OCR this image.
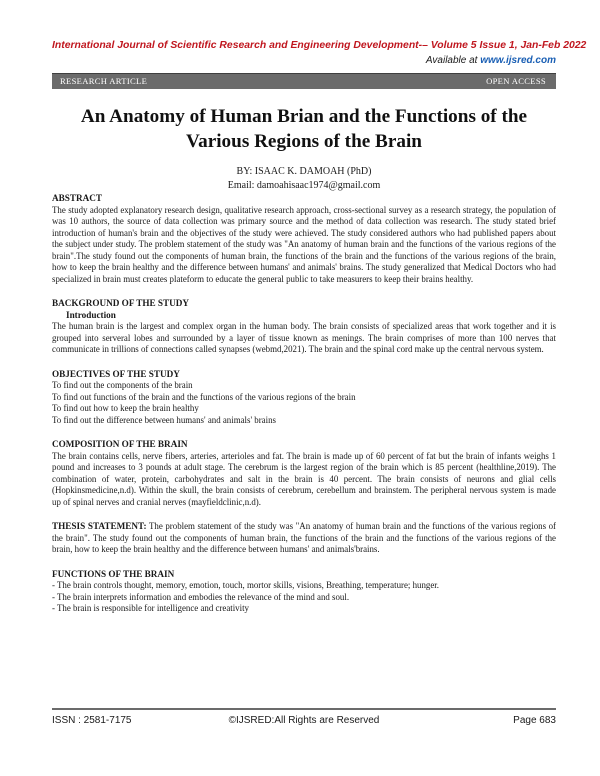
International Journal of Scientific Research and Engineering Development-– Volume 5 Issue 1, Jan-Feb 2022
Available at www.ijsred.com
RESEARCH ARTICLE	OPEN ACCESS
An Anatomy of Human Brian and the Functions of the Various Regions of the Brain
BY: ISAAC K. DAMOAH (PhD)
Email: damoahisaac1974@gmail.com
ABSTRACT

The study adopted explanatory research design, qualitative research approach, cross-sectional survey as a research strategy, the population of was 10 authors, the source of data collection was primary source and the method of data collection was research. The study stated brief introduction of human's brain and the objectives of the study were achieved. The study considered authors who had published papers about the subject under study. The problem statement of the study was "An anatomy of human brain and the functions of the various regions of the brain".The study found out the components of human brain, the functions of the brain and the functions of the various regions of the brain, how to keep the brain healthy and the difference between humans' and animals' brains. The study generalized that Medical Doctors who had specialized in brain must creates plateform to educate the general public to take measurers to keep their brains healthy.

BACKGROUND OF THE STUDY
Introduction

The human brain is the largest and complex organ in the human body. The brain consists of specialized areas that work together and it is grouped into serveral lobes and surrounded by a layer of tissue known as menings. The brain comprises of more than 100 nerves that communicate in trillions of connections called synapses (webmd,2021). The brain and the spinal cord make up the central nervous system.

OBJECTIVES OF THE STUDY
To find out the components of the brain
To find out functions of the brain and the functions of the various regions of the brain
To find out how to keep the brain healthy
To find out the difference between humans' and animals' brains
COMPOSITION OF THE BRAIN

The brain contains cells, nerve fibers, arteries, arterioles and fat. The brain is made up of 60 percent of fat but the brain of infants weighs 1 pound and increases to 3 pounds at adult stage. The cerebrum is the largest region of the brain which is 85 percent (healthline,2019). The combination of water, protein, carbohydrates and salt in the brain is 40 percent. The brain consists of neurons and glial cells (Hopkinsmedicine,n.d). Within the skull, the brain consists of cerebrum, cerebellum and brainstem. The peripheral nervous system is made up of spinal nerves and cranial nerves (mayfieldclinic,n.d).

THESIS STATEMENT: The problem statement of the study was "An anatomy of human brain and the functions of the various regions of the brain". The study found out the components of human brain, the functions of the brain and the functions of the various regions of the brain, how to keep the brain healthy and the difference between humans' and animals'brains.

FUNCTIONS OF THE BRAIN
- The brain controls thought, memory, emotion, touch, mortor skills, visions, Breathing, temperature; hunger.
- The brain interprets information and embodies the relevance of the mind and soul.
- The brain is responsible for intelligence and creativity
ISSN : 2581-7175	©IJSRED:All Rights are Reserved	Page 683
